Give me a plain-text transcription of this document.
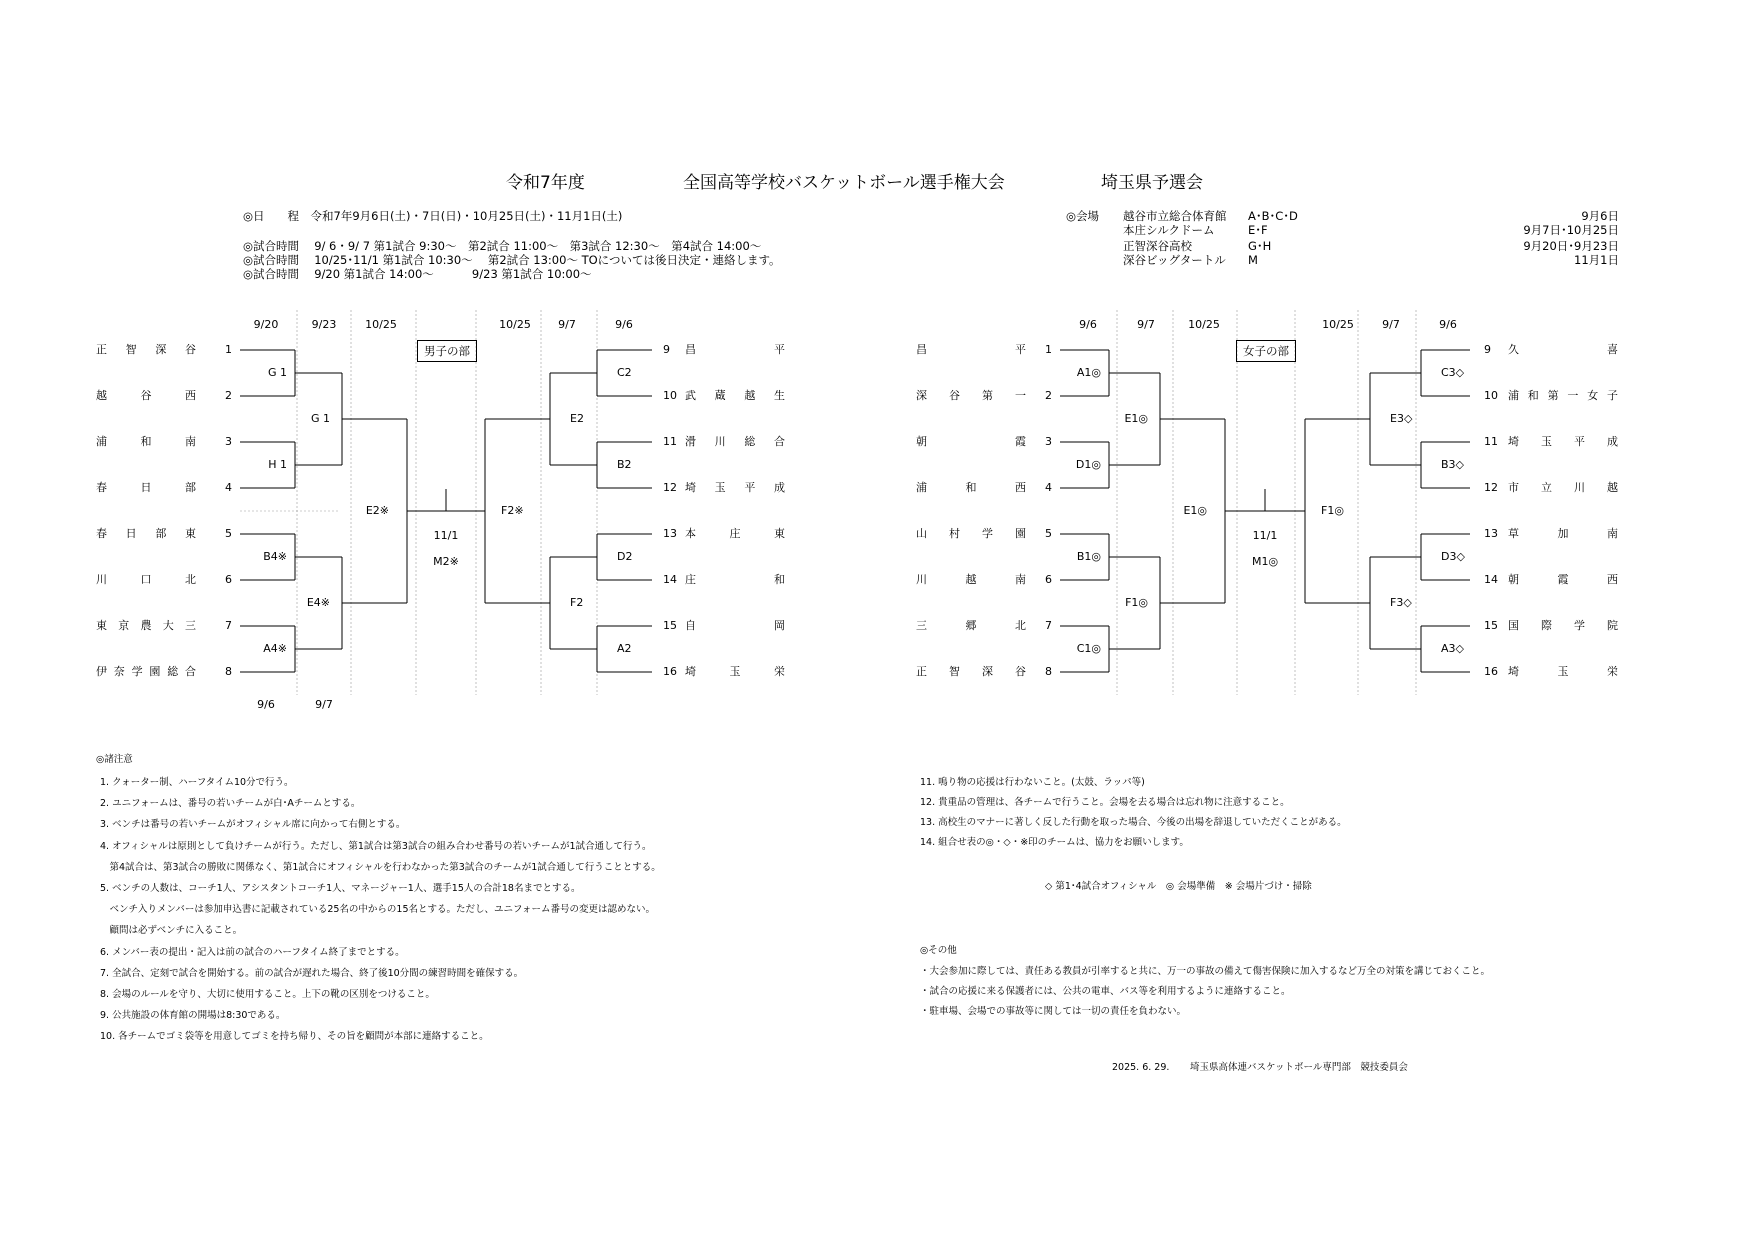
令和7年度	全国高等学校バスケットボール選手権大会	埼玉県予選会
◎日　　程　令和7年9月6日(土)・7日(日)・10月25日(土)・11月1日(土)
◎試合時間　 9/ 6・9/ 7 第1試合 9:30～　第2試合 11:00～　第3試合 12:30～　第4試合 14:00～
◎試合時間　 10/25･11/1 第1試合 10:30～　 第2試合 13:00～ TOについては後日決定・連絡します。
◎試合時間　 9/20 第1試合 14:00～　　　 9/23 第1試合 10:00～
◎会場 越谷市立総合体育館 A･B･C･D	9月6日
本庄シルクドーム	E･F	9月7日･10月25日
正智深谷高校	G･H	9月20日･9月23日
深谷ビッグタートル M	11月1日
正 智 深 谷	1
越	谷	西	2
浦	和	南	3
春	日	部	4
春 日 部 東	5
川	口	北	6
東 京 農 大 三	7
伊 奈 学 園 総 合	8
9 昌	平
10 武 蔵 越 生
11 滑 川 総 合
12 埼 玉 平 成
13 本	庄	東
14 庄	和
15 自	岡
16 埼	玉	栄
G 1	C2
H 1	B2
B4※	D2
A4※	A2
G 1	E2
E4※	F2
E2※	F2※
11/1
M2※
男子の部
9/20	9/23	10/25	10/25	9/7	9/6
9/6	9/7
昌	平	1
深 谷 第 一	2
朝	霞	3
浦	和	西	4
山 村 学 園	5
川	越	南	6
三	郷	北	7
正 智 深 谷	8
9 久	喜
10 浦 和 第 一 女 子
11 埼 玉 平 成
12 市 立 川 越
13 草	加	南
14 朝	霞	西
15 国 際 学 院
16 埼	玉	栄
A1◎	C3◇
D1◎	B3◇
B1◎	D3◇
C1◎	A3◇
E1◎	E3◇
F1◎	F3◇
E1◎	F1◎
11/1
M1◎
女子の部
9/6	9/7	10/25	10/25	9/7	9/6
◎諸注意
1. クォーター制、ハーフタイム10分で行う。
2. ユニフォームは、番号の若いチームが白･Aチームとする。
3. ベンチは番号の若いチームがオフィシャル席に向かって右側とする。
4. オフィシャルは原則として負けチームが行う。ただし、第1試合は第3試合の組み合わせ番号の若いチームが1試合通して行う。
　第4試合は、第3試合の勝敗に関係なく、第1試合にオフィシャルを行わなかった第3試合のチームが1試合通して行うこととする。
5. ベンチの人数は、コーチ1人、アシスタントコーチ1人、マネージャー1人、選手15人の合計18名までとする。
　ベンチ入りメンバーは参加申込書に記載されている25名の中からの15名とする。ただし、ユニフォーム番号の変更は認めない。
　顧問は必ずベンチに入ること。
6. メンバー表の提出・記入は前の試合のハーフタイム終了までとする。
7. 全試合、定刻で試合を開始する。前の試合が遅れた場合、終了後10分間の練習時間を確保する。
8. 会場のルールを守り、大切に使用すること。上下の靴の区別をつけること。
9. 公共施設の体育館の開場は8:30である。
10. 各チームでゴミ袋等を用意してゴミを持ち帰り、その旨を顧問が本部に連絡すること。
11. 鳴り物の応援は行わないこと。(太鼓、ラッパ等)
12. 貴重品の管理は、各チームで行うこと。会場を去る場合は忘れ物に注意すること。
13. 高校生のマナーに著しく反した行動を取った場合、今後の出場を辞退していただくことがある。
14. 組合せ表の◎・◇・※印のチームは、協力をお願いします。
◇ 第1･4試合オフィシャル　◎ 会場準備　※ 会場片づけ・掃除
◎その他
・大会参加に際しては、責任ある教員が引率すると共に、万一の事故の備えて傷害保険に加入するなど万全の対策を講じておくこと。
・試合の応援に来る保護者には、公共の電車、バス等を利用するように連絡すること。
・駐車場、会場での事故等に関しては一切の責任を負わない。
2025. 6. 29. 埼玉県高体連バスケットボール専門部　競技委員会
